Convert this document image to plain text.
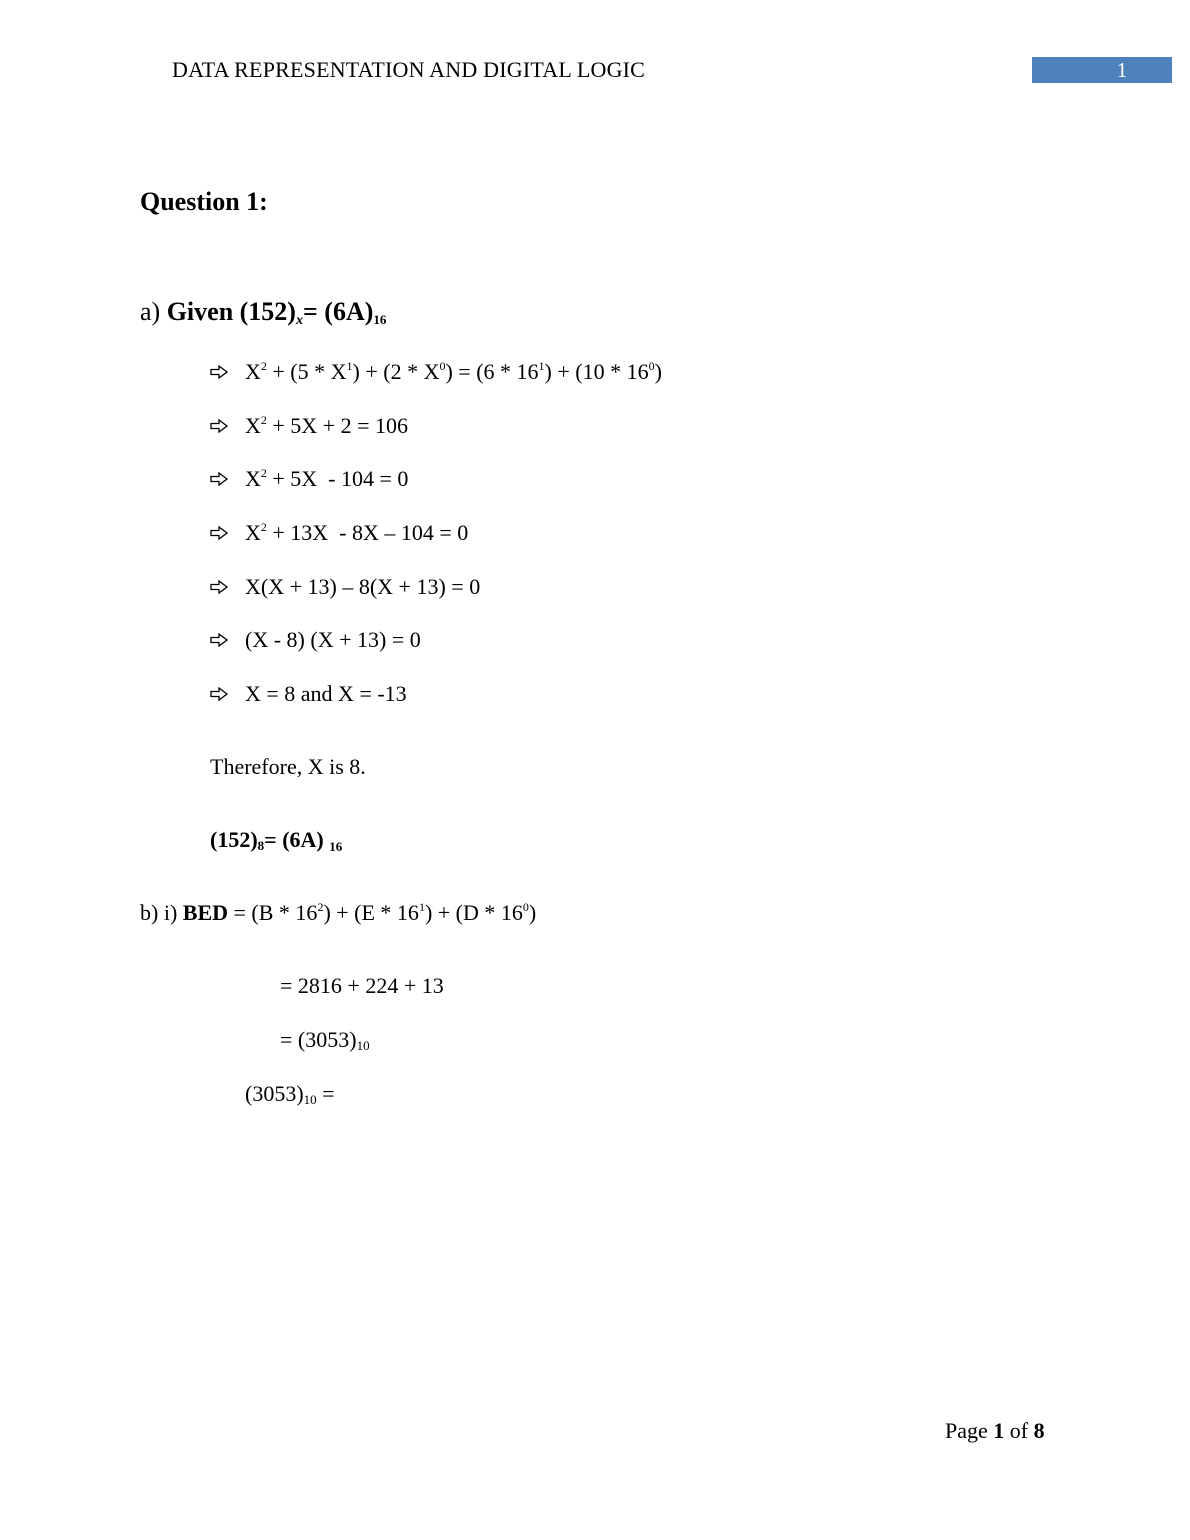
DATA REPRESENTATION AND DIGITAL LOGIC	1
Question 1:
a) Given (152)x= (6A)16
$X^2 + (5 * X^1) + (2 * X^0) = (6 * 16^1) + (10 * 16^0)$
$X^2 + 5X + 2 = 106$
$X^2 + 5X - 104 = 0$
$X^2 + 13X - 8X - 104 = 0$
X(X + 13) – 8(X + 13) = 0
(X - 8) (X + 13) = 0
X = 8 and X = -13
Therefore, X is 8.
(152)8= (6A) 16
b) i) BED = $(B * 16^2) + (E * 16^1) + (D * 16^0)$
= 2816 + 224 + 13
= (3053)10
(3053)10 =
Page 1 of 8
